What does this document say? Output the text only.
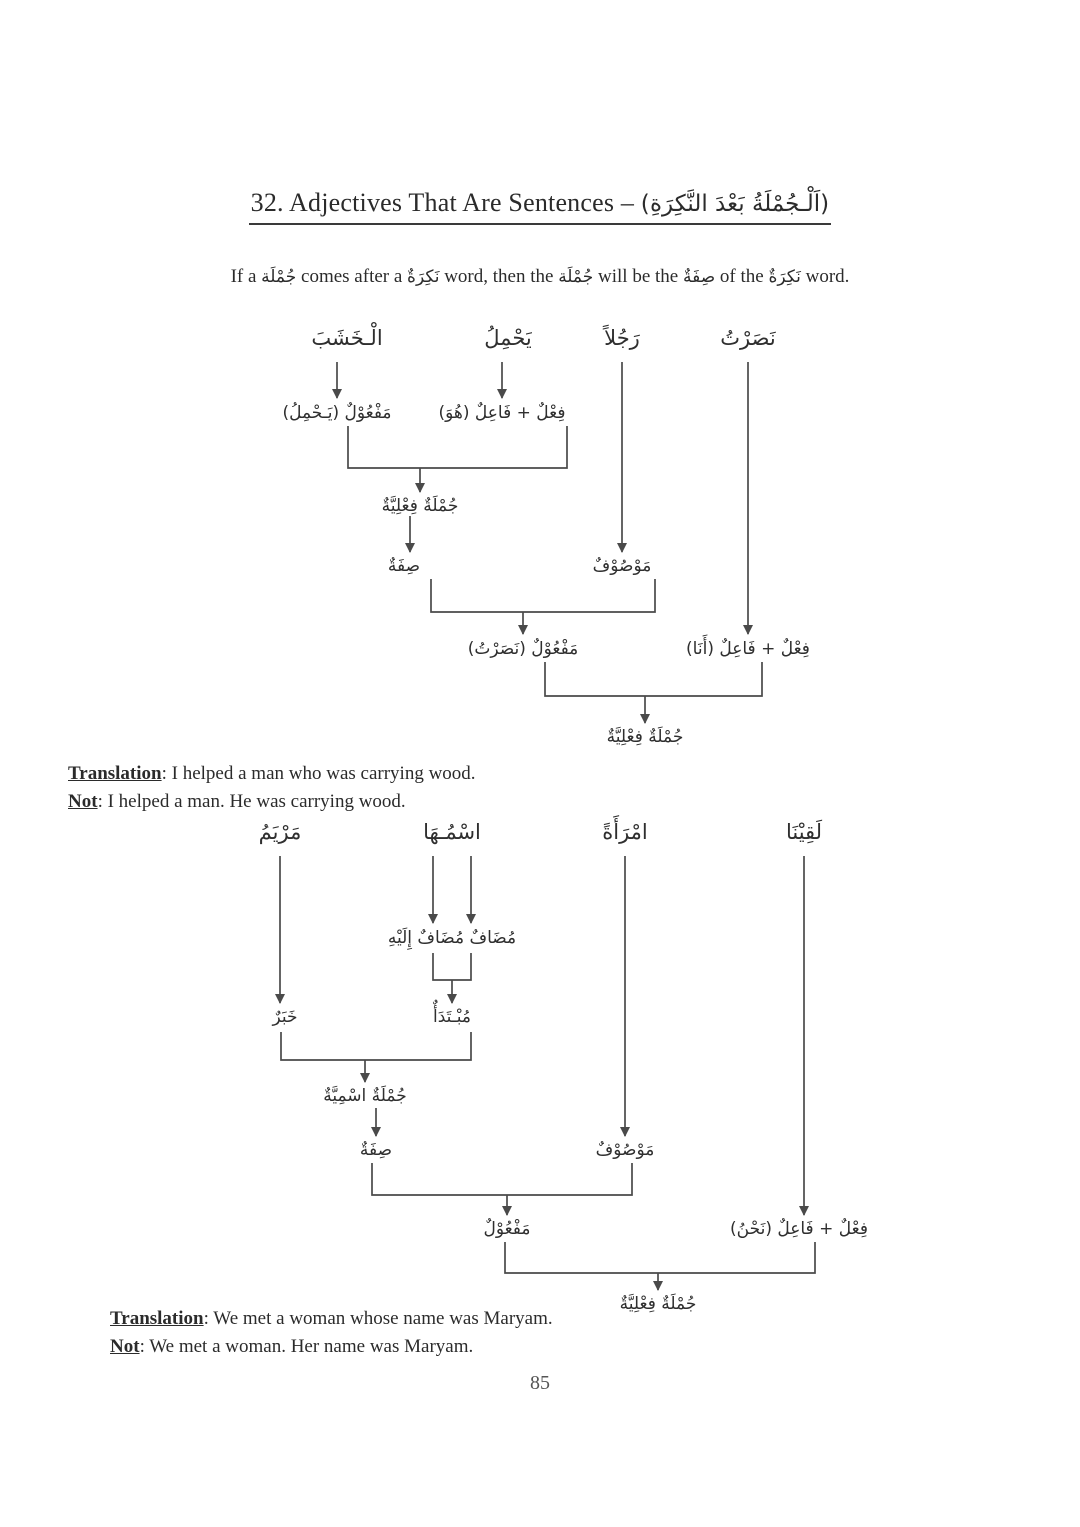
32. Adjectives That Are Sentences – (اَلْـجُمْلَةُ بَعْدَ النَّكِرَةِ)
If a جُمْلَة comes after a نَكِرَةٌ word, then the جُمْلَة will be the صِفَةٌ of the نَكِرَةٌ word.
نَصَرْتُ
رَجُلاً
يَحْمِلُ
الْـخَشَبَ
فِعْلٌ + فَاعِلٌ (هُوَ)
مَفْعُوْلٌ (يَـحْمِلُ)
جُمْلَةٌ فِعْلِيَّةٌ
صِفَةٌ	مَوْصُوْفٌ
مَفْعُوْلٌ (نَصَرْتُ)	فِعْلٌ + فَاعِلٌ (أَنَا)
جُمْلَةٌ فِعْلِيَّةٌ
Translation: I helped a man who was carrying wood.
Not: I helped a man. He was carrying wood.
لَقِيْنَا
امْرَأَةً
اسْمُـهَا
مَرْيَمُ
مُضَافٌ مُضَافٌ إِلَيْهِ
مُبْـتَدَأٌ
خَبَرٌ
جُمْلَةٌ اسْمِيَّةٌ
صِفَةٌ	مَوْصُوْفٌ
مَفْعُوْلٌ	فِعْلٌ + فَاعِلٌ (نَحْنُ)
جُمْلَةٌ فِعْلِيَّةٌ
Translation: We met a woman whose name was Maryam.
Not: We met a woman. Her name was Maryam.
85
